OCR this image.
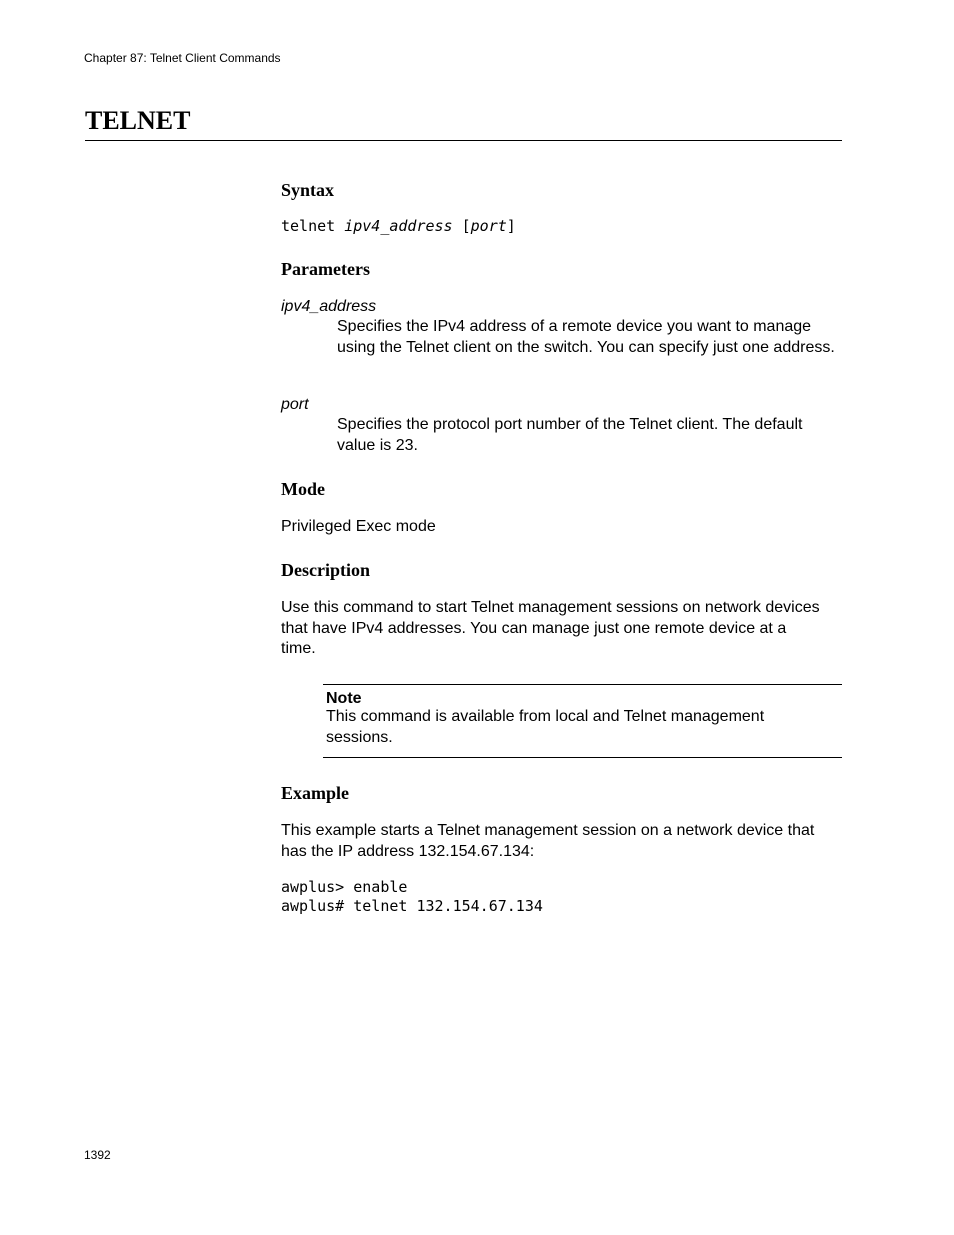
Chapter 87: Telnet Client Commands
TELNET
Syntax
telnet ipv4_address [port]
Parameters
ipv4_address
Specifies the IPv4 address of a remote device you want to manage using the Telnet client on the switch. You can specify just one address.
port
Specifies the protocol port number of the Telnet client. The default value is 23.
Mode
Privileged Exec mode
Description
Use this command to start Telnet management sessions on network devices that have IPv4 addresses. You can manage just one remote device at a time.
Note
This command is available from local and Telnet management sessions.
Example
This example starts a Telnet management session on a network device that has the IP address 132.154.67.134:
awplus> enable
awplus# telnet 132.154.67.134
1392
